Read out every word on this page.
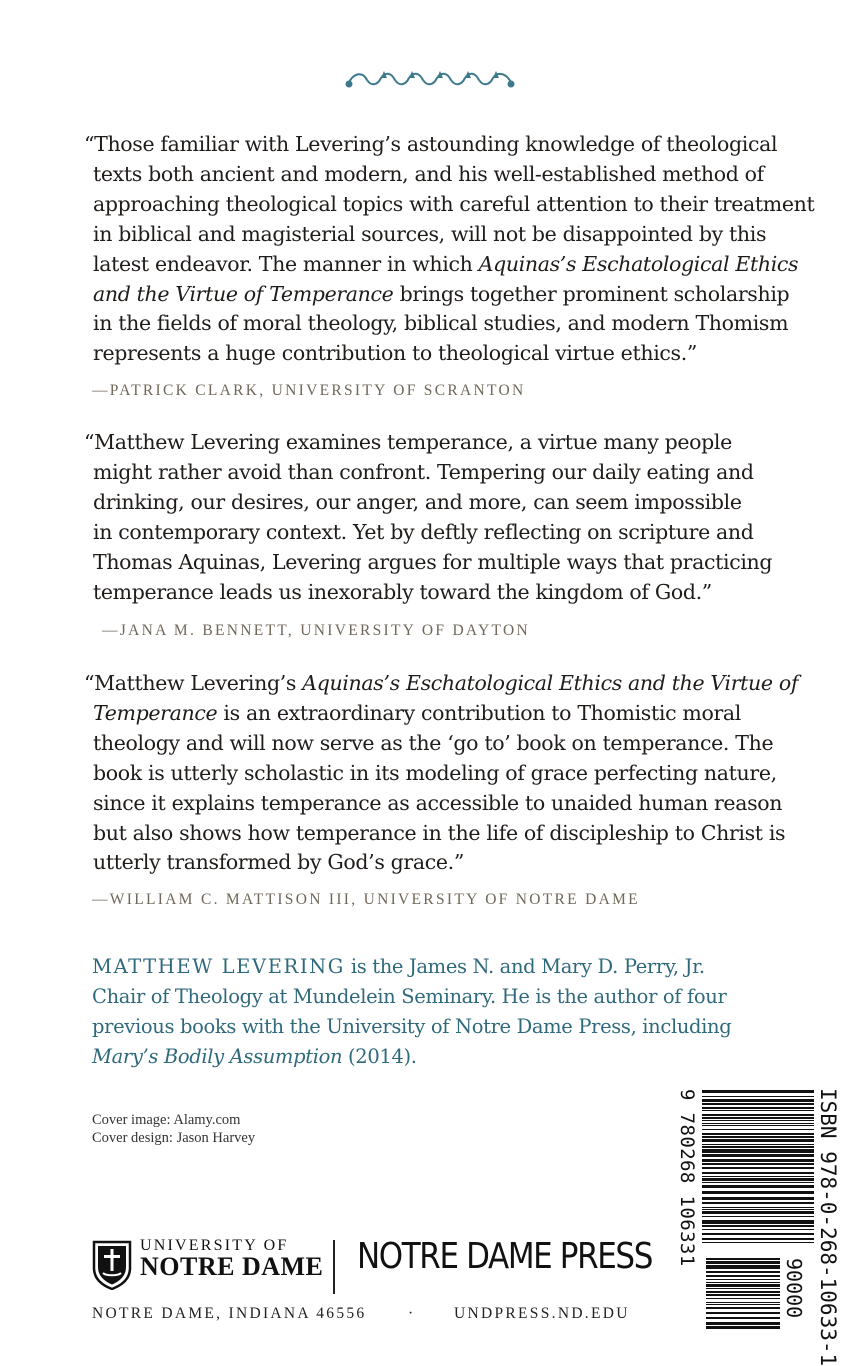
“Those familiar with Levering’s astounding knowledge of theological
texts both ancient and modern, and his well-established method of
approaching theological topics with careful attention to their treatment
in biblical and magisterial sources, will not be disappointed by this
latest endeavor. The manner in which Aquinas’s Eschatological Ethics
and the Virtue of Temperance brings together prominent scholarship
in the fields of moral theology, biblical studies, and modern Thomism
represents a huge contribution to theological virtue ethics.”
—PATRICK CLARK, UNIVERSITY OF SCRANTON
“Matthew Levering examines temperance, a virtue many people
might rather avoid than confront. Tempering our daily eating and
drinking, our desires, our anger, and more, can seem impossible
in contemporary context. Yet by deftly reflecting on scripture and
Thomas Aquinas, Levering argues for multiple ways that practicing
temperance leads us inexorably toward the kingdom of God.”
—JANA M. BENNETT, UNIVERSITY OF DAYTON
“Matthew Levering’s Aquinas’s Eschatological Ethics and the Virtue of
Temperance is an extraordinary contribution to Thomistic moral
theology and will now serve as the ‘go to’ book on temperance. The
book is utterly scholastic in its modeling of grace perfecting nature,
since it explains temperance as accessible to unaided human reason
but also shows how temperance in the life of discipleship to Christ is
utterly transformed by God’s grace.”
—WILLIAM C. MATTISON III, UNIVERSITY OF NOTRE DAME
MATTHEW LEVERING is the James N. and Mary D. Perry, Jr.
Chair of Theology at Mundelein Seminary. He is the author of four
previous books with the University of Notre Dame Press, including
Mary’s Bodily Assumption (2014).
Cover image: Alamy.com
Cover design: Jason Harvey
UNIVERSITY OF
NOTRE DAME NOTRE DAME PRESS
NOTRE DAME, INDIANA 46556	· UNDPRESS.ND.EDU	ISBN 978-0-268-10633-1
9 780268 106331
90000
